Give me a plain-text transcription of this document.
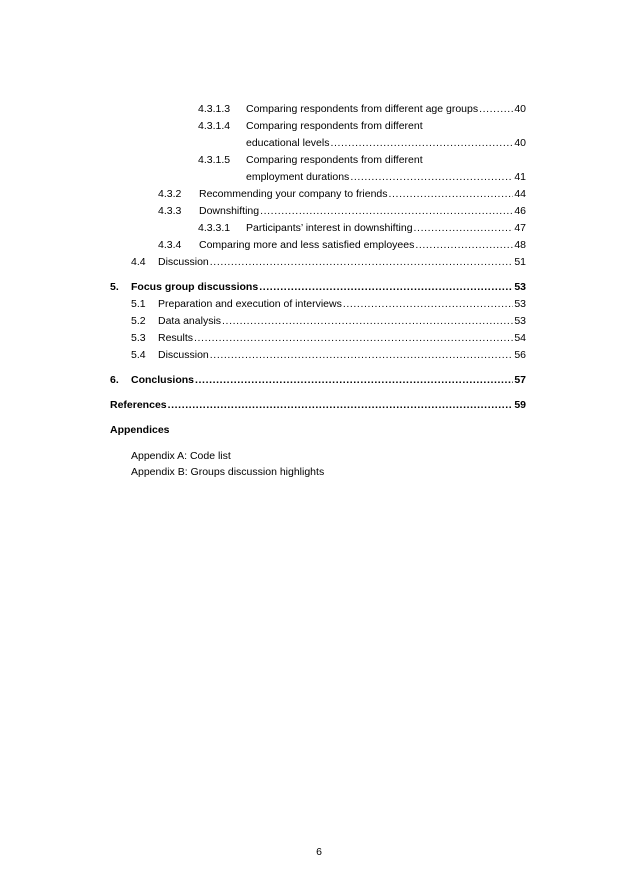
4.3.1.3	Comparing respondents from different age groups .....	40
4.3.1.4	Comparing respondents from different
educational levels .....	40
4.3.1.5	Comparing respondents from different
employment durations .....	41
4.3.2	Recommending your company to friends .....	44
4.3.3	Downshifting .....	46
4.3.3.1	Participants’ interest in downshifting .....	47
4.3.4	Comparing more and less satisfied employees .....	48
4.4	Discussion .....	51
5.	Focus group discussions .....	53
5.1	Preparation and execution of interviews .....	53
5.2	Data analysis .....	53
5.3	Results .....	54
5.4	Discussion .....	56
6.	Conclusions .....	57
References .....	59
Appendices
Appendix A: Code list
Appendix B: Groups discussion highlights
6
